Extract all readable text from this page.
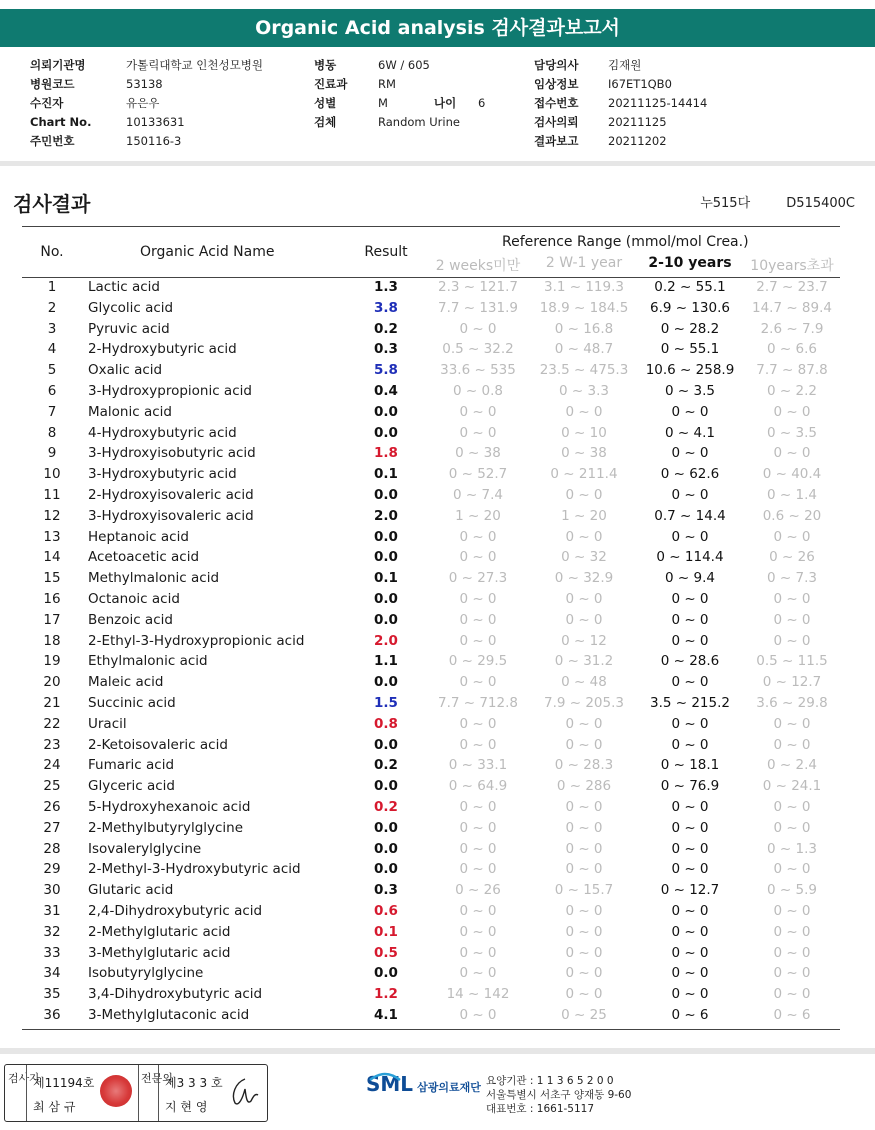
Organic Acid analysis 검사결과보고서
의뢰기관명	가톨릭대학교 인천성모병원
병원코드	53138
수진자	유은우
Chart No.	10133631
주민번호	150116-3
병동	6W / 605
진료과	RM
성별	M	나이	6
검체	Random Urine
담당의사	김재원
임상정보	I67ET1QB0
접수번호	20211125-14414
검사의뢰	20211125
결과보고	20211202
검사결과	누515다	D515400C
No.	Organic Acid Name	Result
Reference Range (mmol/mol Crea.)
2 weeks미만	2 W-1 year	2-10 years	10years초과
1	Lactic acid	1.3	2.3 ~ 121.7	3.1 ~ 119.3	0.2 ~ 55.1	2.7 ~ 23.7
2	Glycolic acid	3.8	7.7 ~ 131.9	18.9 ~ 184.5	6.9 ~ 130.6	14.7 ~ 89.4
3	Pyruvic acid	0.2	0 ~ 0	0 ~ 16.8	0 ~ 28.2	2.6 ~ 7.9
4	2-Hydroxybutyric acid	0.3	0.5 ~ 32.2	0 ~ 48.7	0 ~ 55.1	0 ~ 6.6
5	Oxalic acid	5.8	33.6 ~ 535	23.5 ~ 475.3	10.6 ~ 258.9	7.7 ~ 87.8
6	3-Hydroxypropionic acid	0.4	0 ~ 0.8	0 ~ 3.3	0 ~ 3.5	0 ~ 2.2
7	Malonic acid	0.0	0 ~ 0	0 ~ 0	0 ~ 0	0 ~ 0
8	4-Hydroxybutyric acid	0.0	0 ~ 0	0 ~ 10	0 ~ 4.1	0 ~ 3.5
9	3-Hydroxyisobutyric acid	1.8	0 ~ 38	0 ~ 38	0 ~ 0	0 ~ 0
10	3-Hydroxybutyric acid	0.1	0 ~ 52.7	0 ~ 211.4	0 ~ 62.6	0 ~ 40.4
11	2-Hydroxyisovaleric acid	0.0	0 ~ 7.4	0 ~ 0	0 ~ 0	0 ~ 1.4
12	3-Hydroxyisovaleric acid	2.0	1 ~ 20	1 ~ 20	0.7 ~ 14.4	0.6 ~ 20
13	Heptanoic acid	0.0	0 ~ 0	0 ~ 0	0 ~ 0	0 ~ 0
14	Acetoacetic acid	0.0	0 ~ 0	0 ~ 32	0 ~ 114.4	0 ~ 26
15	Methylmalonic acid	0.1	0 ~ 27.3	0 ~ 32.9	0 ~ 9.4	0 ~ 7.3
16	Octanoic acid	0.0	0 ~ 0	0 ~ 0	0 ~ 0	0 ~ 0
17	Benzoic acid	0.0	0 ~ 0	0 ~ 0	0 ~ 0	0 ~ 0
18	2-Ethyl-3-Hydroxypropionic acid	2.0	0 ~ 0	0 ~ 12	0 ~ 0	0 ~ 0
19	Ethylmalonic acid	1.1	0 ~ 29.5	0 ~ 31.2	0 ~ 28.6	0.5 ~ 11.5
20	Maleic acid	0.0	0 ~ 0	0 ~ 48	0 ~ 0	0 ~ 12.7
21	Succinic acid	1.5	7.7 ~ 712.8	7.9 ~ 205.3	3.5 ~ 215.2	3.6 ~ 29.8
22	Uracil	0.8	0 ~ 0	0 ~ 0	0 ~ 0	0 ~ 0
23	2-Ketoisovaleric acid	0.0	0 ~ 0	0 ~ 0	0 ~ 0	0 ~ 0
24	Fumaric acid	0.2	0 ~ 33.1	0 ~ 28.3	0 ~ 18.1	0 ~ 2.4
25	Glyceric acid	0.0	0 ~ 64.9	0 ~ 286	0 ~ 76.9	0 ~ 24.1
26	5-Hydroxyhexanoic acid	0.2	0 ~ 0	0 ~ 0	0 ~ 0	0 ~ 0
27	2-Methylbutyrylglycine	0.0	0 ~ 0	0 ~ 0	0 ~ 0	0 ~ 0
28	Isovalerylglycine	0.0	0 ~ 0	0 ~ 0	0 ~ 0	0 ~ 1.3
29	2-Methyl-3-Hydroxybutyric acid	0.0	0 ~ 0	0 ~ 0	0 ~ 0	0 ~ 0
30	Glutaric acid	0.3	0 ~ 26	0 ~ 15.7	0 ~ 12.7	0 ~ 5.9
31	2,4-Dihydroxybutyric acid	0.6	0 ~ 0	0 ~ 0	0 ~ 0	0 ~ 0
32	2-Methylglutaric acid	0.1	0 ~ 0	0 ~ 0	0 ~ 0	0 ~ 0
33	3-Methylglutaric acid	0.5	0 ~ 0	0 ~ 0	0 ~ 0	0 ~ 0
34	Isobutyrylglycine	0.0	0 ~ 0	0 ~ 0	0 ~ 0	0 ~ 0
35	3,4-Dihydroxybutyric acid	1.2	14 ~ 142	0 ~ 0	0 ~ 0	0 ~ 0
36	3-Methylglutaconic acid	4.1	0 ~ 0	0 ~ 25	0 ~ 6	0 ~ 6
검사자
제11194호
최 삼 규
전문의
제3 3 3 호
지 현 영
SML 삼광의료재단 요양기관 : 1 1 3 6 5 2 0 0
서울특별시 서초구 양재동 9-60
대표번호 : 1661-5117
